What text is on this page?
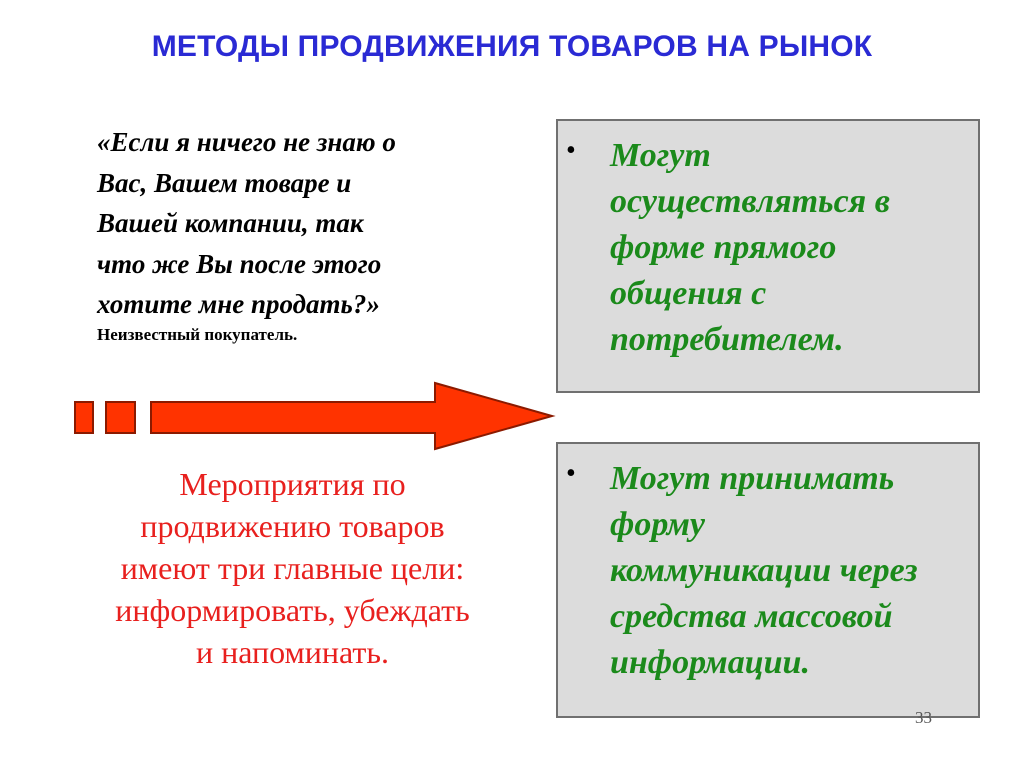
МЕТОДЫ ПРОДВИЖЕНИЯ ТОВАРОВ НА РЫНОК
«Если я ничего не знаю о
Вас, Вашем товаре и
Вашей компании, так
что же Вы после этого
хотите мне продать?»
Неизвестный покупатель.
Мероприятия по
продвижению товаров
имеют три главные цели:
информировать, убеждать
и напоминать.
• Могут
осуществляться в
форме прямого
общения с
потребителем.
• Могут принимать
форму
коммуникации через
средства массовой
информации.
33
